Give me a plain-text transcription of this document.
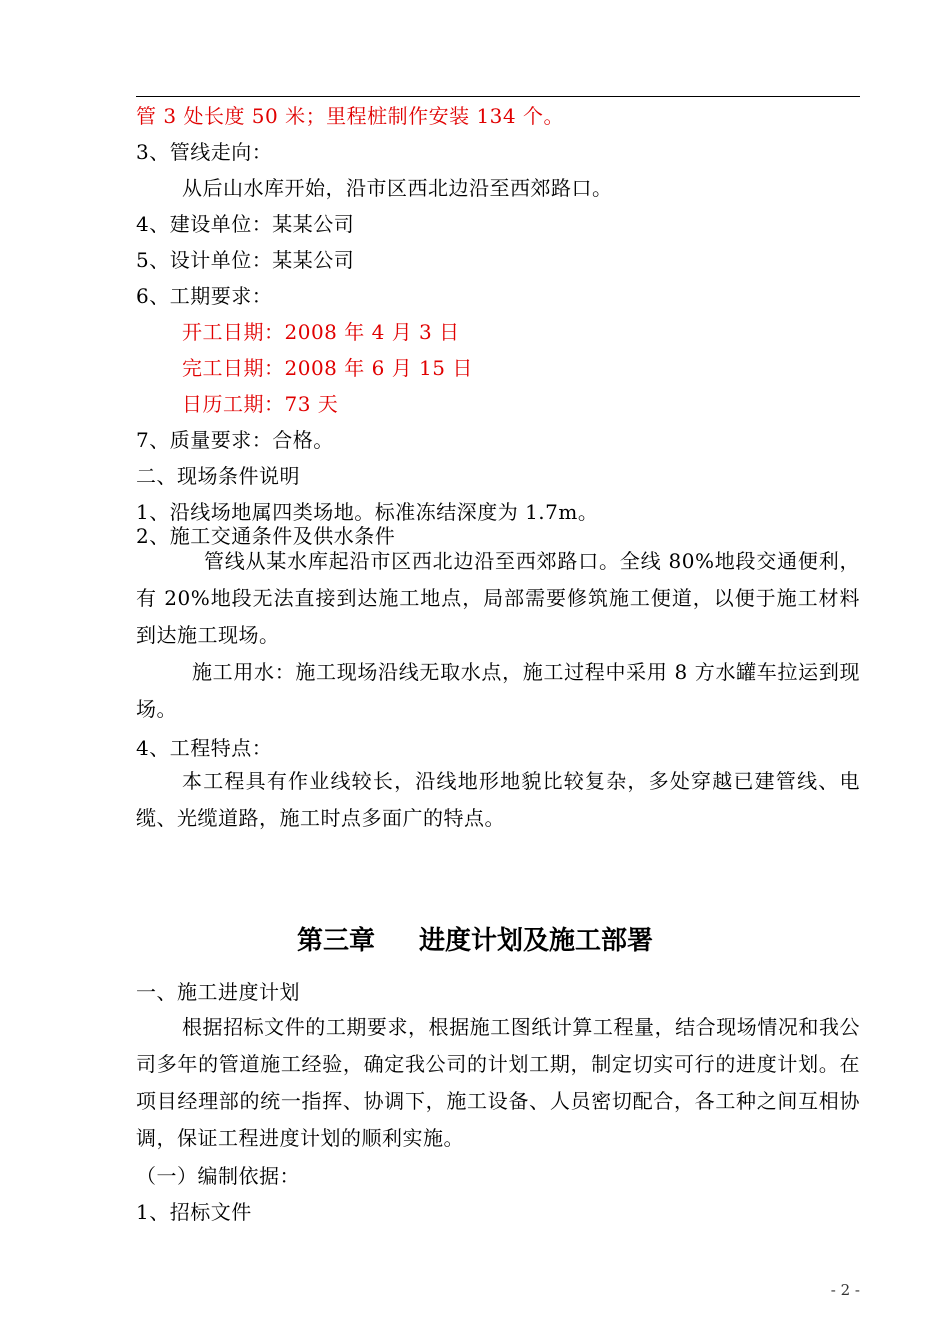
管 3 处长度 50 米；里程桩制作安装 134 个。
3、管线走向：
从后山水库开始，沿市区西北边沿至西郊路口。
4、建设单位：某某公司
5、设计单位：某某公司
6、工期要求：
开工日期：2008 年 4 月 3 日
完工日期：2008 年 6 月 15 日
日历工期：73 天
7、质量要求：合格。
二、现场条件说明
1、沿线场地属四类场地。标准冻结深度为 1.7m。
2、施工交通条件及供水条件
管线从某水库起沿市区西北边沿至西郊路口。全线 80%地段交通便利，有 20%地段无法直接到达施工地点，局部需要修筑施工便道，以便于施工材料到达施工现场。
施工用水：施工现场沿线无取水点，施工过程中采用 8 方水罐车拉运到现场。
4、工程特点：
本工程具有作业线较长，沿线地形地貌比较复杂，多处穿越已建管线、电缆、光缆道路，施工时点多面广的特点。
第三章 进度计划及施工部署
一、施工进度计划
根据招标文件的工期要求，根据施工图纸计算工程量，结合现场情况和我公司多年的管道施工经验，确定我公司的计划工期，制定切实可行的进度计划。在项目经理部的统一指挥、协调下，施工设备、人员密切配合，各工种之间互相协调，保证工程进度计划的顺利实施。
（一）编制依据：
1、招标文件
- 2 -
